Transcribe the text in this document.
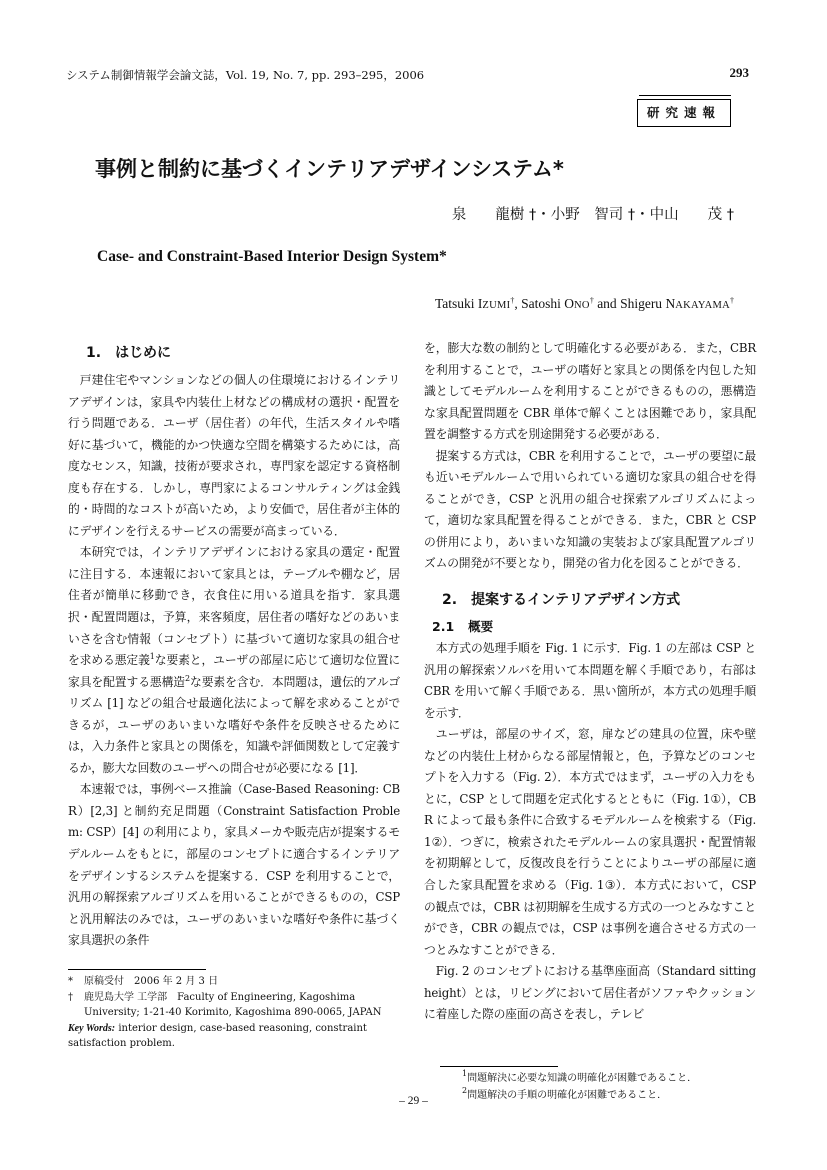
システム制御情報学会論文誌，Vol. 19, No. 7, pp. 293–295，2006	293
研究速報
事例と制約に基づくインテリアデザインシステム*
泉　　龍樹 †・小野　智司 †・中山　　茂 †
Case- and Constraint-Based Interior Design System*
Tatsuki IZUMI†, Satoshi ONO† and Shigeru NAKAYAMA†
1. はじめに

戸建住宅やマンションなどの個人の住環境におけるインテリアデザインは，家具や内装仕上材などの構成材の選択・配置を行う問題である．ユーザ（居住者）の年代，生活スタイルや嗜好に基づいて，機能的かつ快適な空間を構築するためには，高度なセンス，知識，技術が要求され，専門家を認定する資格制度も存在する．しかし，専門家によるコンサルティングは金銭的・時間的なコストが高いため，より安価で，居住者が主体的にデザインを行えるサービスの需要が高まっている．

本研究では，インテリアデザインにおける家具の選定・配置に注目する．本速報において家具とは，テーブルや棚など，居住者が簡単に移動でき，衣食住に用いる道具を指す．家具選択・配置問題は，予算，来客頻度，居住者の嗜好などのあいまいさを含む情報（コンセプト）に基づいて適切な家具の組合せを求める悪定義$^1$な要素と，ユーザの部屋に応じて適切な位置に家具を配置する悪構造$^2$な要素を含む．本問題は，遺伝的アルゴリズム [1] などの組合せ最適化法によって解を求めることができるが，ユーザのあいまいな嗜好や条件を反映させるためには，入力条件と家具との関係を，知識や評価関数として定義するか，膨大な回数のユーザへの問合せが必要になる [1]．

本速報では，事例ベース推論（Case-Based Reasoning: CBR）[2,3] と制約充足問題（Constraint Satisfaction Problem: CSP）[4] の利用により，家具メーカや販売店が提案するモデルルームをもとに，部屋のコンセプトに適合するインテリアをデザインするシステムを提案する．CSP を利用することで，汎用の解探索アルゴリズムを用いることができるものの，CSP と汎用解法のみでは，ユーザのあいまいな嗜好や条件に基づく家具選択の条件

を，膨大な数の制約として明確化する必要がある．また，CBR を利用することで，ユーザの嗜好と家具との関係を内包した知識としてモデルルームを利用することができるものの，悪構造な家具配置問題を CBR 単体で解くことは困難であり，家具配置を調整する方式を別途開発する必要がある．

提案する方式は，CBR を利用することで，ユーザの要望に最も近いモデルルームで用いられている適切な家具の組合せを得ることができ，CSP と汎用の組合せ探索アルゴリズムによって，適切な家具配置を得ることができる．また，CBR と CSP の併用により，あいまいな知識の実装および家具配置アルゴリズムの開発が不要となり，開発の省力化を図ることができる．

2. 提案するインテリアデザイン方式
2.1 概要

本方式の処理手順を Fig. 1 に示す．Fig. 1 の左部は CSP と汎用の解探索ソルバを用いて本問題を解く手順であり，右部は CBR を用いて解く手順である．黒い箇所が，本方式の処理手順を示す．

ユーザは，部屋のサイズ，窓，扉などの建具の位置，床や壁などの内装仕上材からなる部屋情報と，色，予算などのコンセプトを入力する（Fig. 2）．本方式ではまず，ユーザの入力をもとに，CSP として問題を定式化するとともに（Fig. 1①），CBR によって最も条件に合致するモデルルームを検索する（Fig. 1②）．つぎに，検索されたモデルルームの家具選択・配置情報を初期解として，反復改良を行うことによりユーザの部屋に適合した家具配置を求める（Fig. 1③）．本方式において，CSP の観点では，CBR は初期解を生成する方式の一つとみなすことができ，CBR の観点では，CSP は事例を適合させる方式の一つとみなすことができる．

Fig. 2 のコンセプトにおける基準座面高（Standard sitting height）とは，リビングにおいて居住者がソファやクッションに着座した際の座面の高さを表し，テレビ

* 原稿受付　2006 年 2 月 3 日
† 鹿児島大学 工学部　Faculty of Engineering, Kagoshima University; 1-21-40 Korimito, Kagoshima 890-0065, JAPAN
Key Words: interior design, case-based reasoning, constraint satisfaction problem.
$^1$問題解決に必要な知識の明確化が困難であること．
$^2$問題解決の手順の明確化が困難であること．
– 29 –
